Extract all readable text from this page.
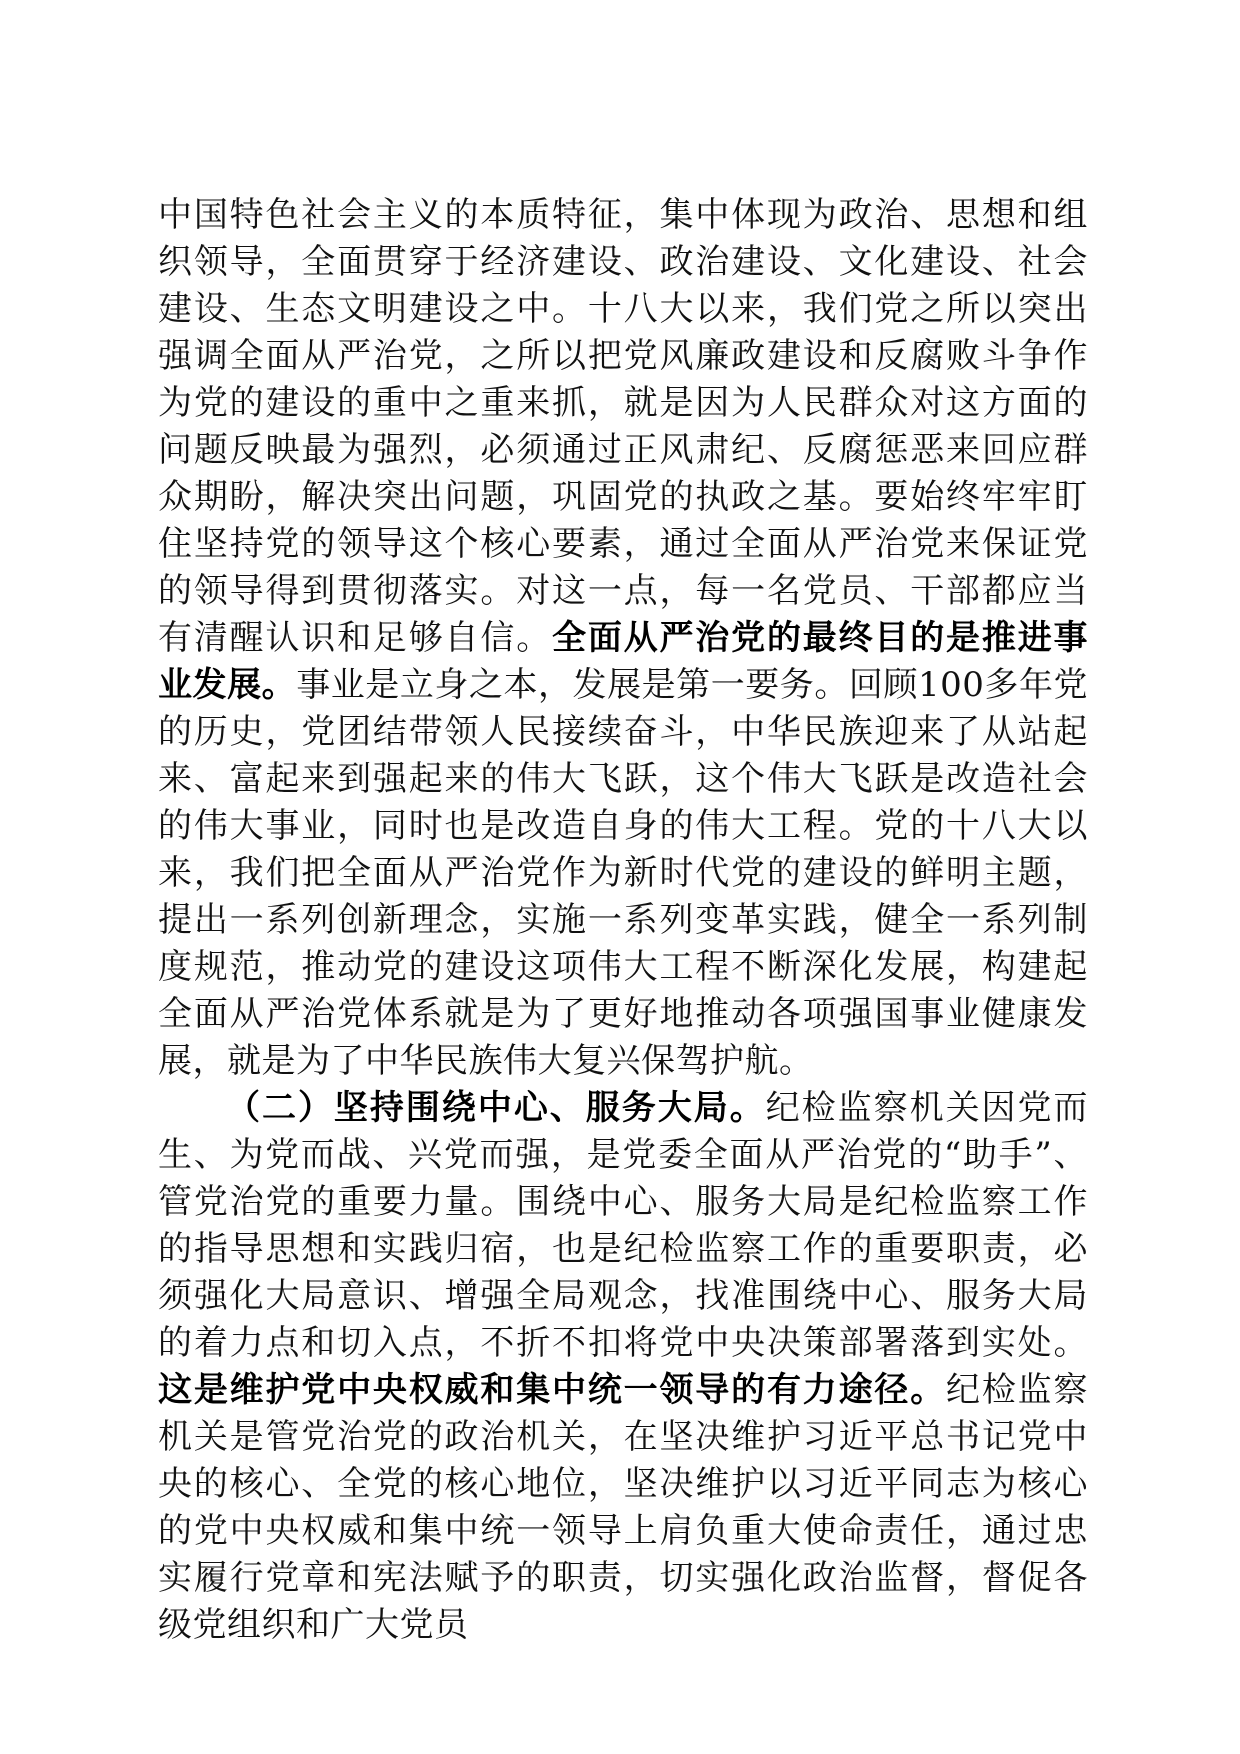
中国特色社会主义的本质特征，集中体现为政治、思想和组织领导，全面贯穿于经济建设、政治建设、文化建设、社会建设、生态文明建设之中。十八大以来，我们党之所以突出强调全面从严治党，之所以把党风廉政建设和反腐败斗争作为党的建设的重中之重来抓，就是因为人民群众对这方面的问题反映最为强烈，必须通过正风肃纪、反腐惩恶来回应群众期盼，解决突出问题，巩固党的执政之基。要始终牢牢盯住坚持党的领导这个核心要素，通过全面从严治党来保证党的领导得到贯彻落实。对这一点，每一名党员、干部都应当有清醒认识和足够自信。全面从严治党的最终目的是推进事业发展。事业是立身之本，发展是第一要务。回顾100多年党的历史，党团结带领人民接续奋斗，中华民族迎来了从站起来、富起来到强起来的伟大飞跃，这个伟大飞跃是改造社会的伟大事业，同时也是改造自身的伟大工程。党的十八大以来，我们把全面从严治党作为新时代党的建设的鲜明主题，提出一系列创新理念，实施一系列变革实践，健全一系列制度规范，推动党的建设这项伟大工程不断深化发展，构建起全面从严治党体系就是为了更好地推动各项强国事业健康发展，就是为了中华民族伟大复兴保驾护航。

（二）坚持围绕中心、服务大局。纪检监察机关因党而生、为党而战、兴党而强，是党委全面从严治党的“助手”、管党治党的重要力量。围绕中心、服务大局是纪检监察工作的指导思想和实践归宿，也是纪检监察工作的重要职责，必须强化大局意识、增强全局观念，找准围绕中心、服务大局的着力点和切入点，不折不扣将党中央决策部署落到实处。这是维护党中央权威和集中统一领导的有力途径。纪检监察机关是管党治党的政治机关，在坚决维护习近平总书记党中央的核心、全党的核心地位，坚决维护以习近平同志为核心的党中央权威和集中统一领导上肩负重大使命责任，通过忠实履行党章和宪法赋予的职责，切实强化政治监督，督促各级党组织和广大党员
